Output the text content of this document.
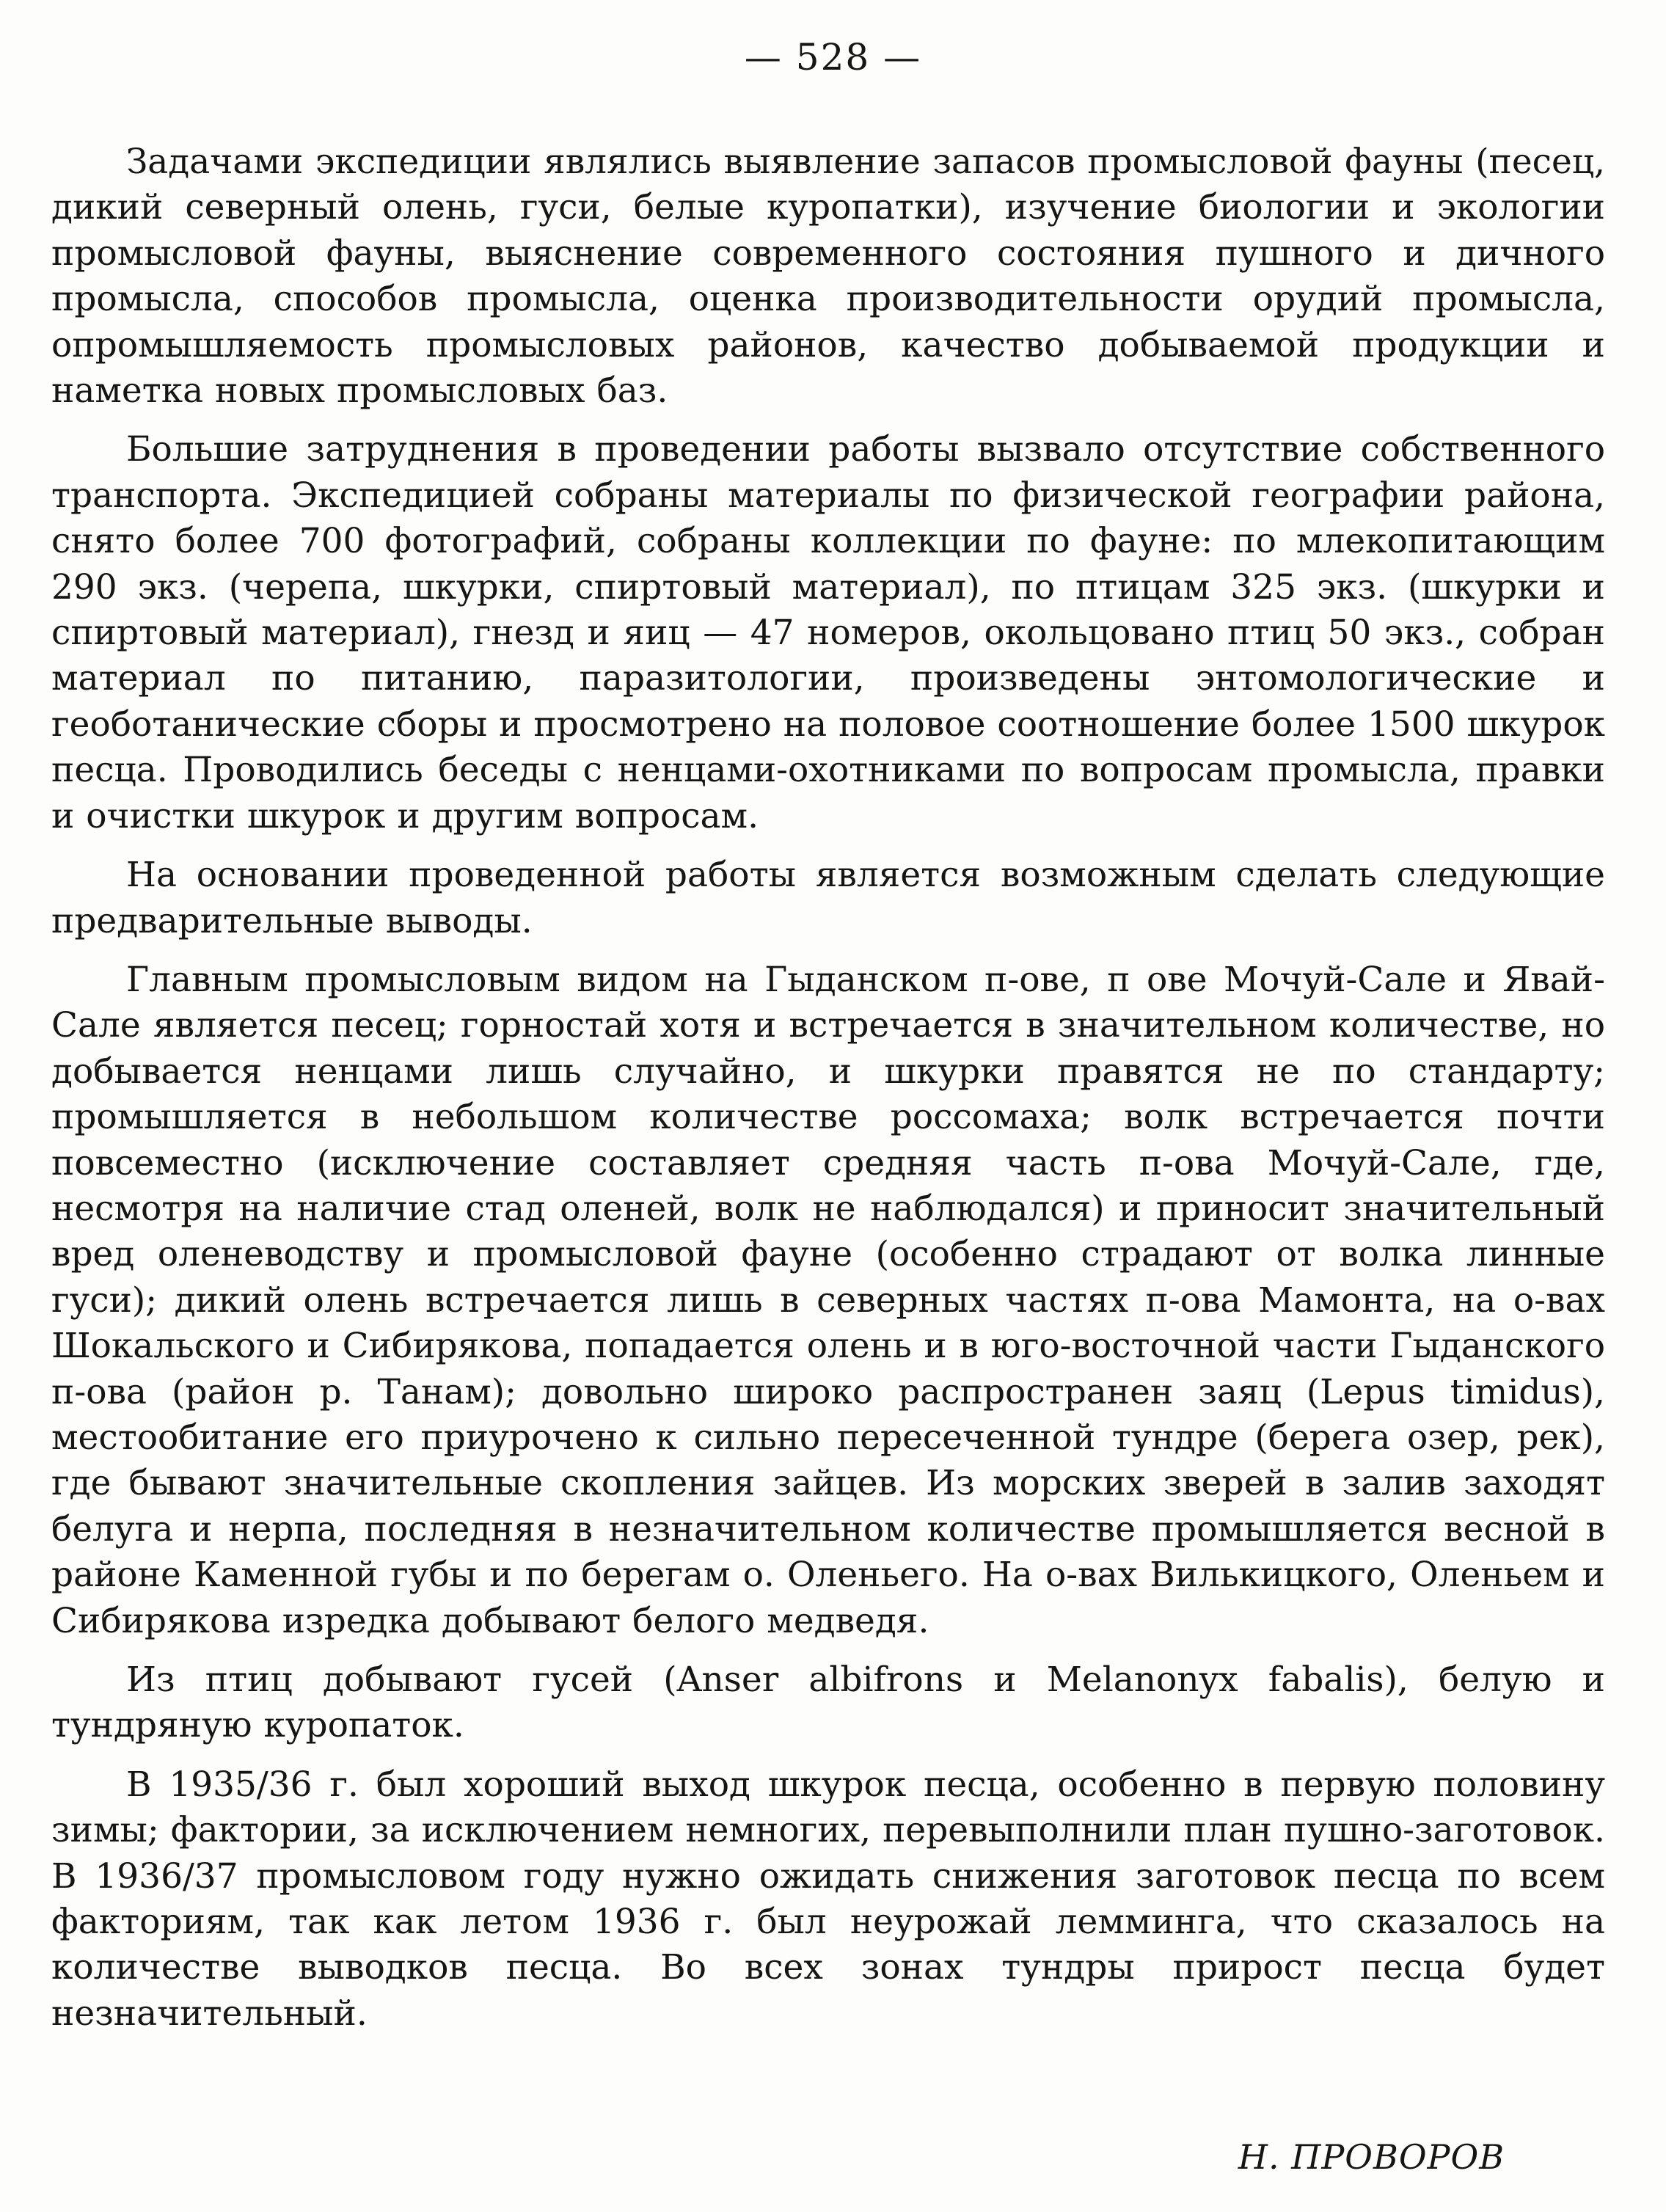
— 528 —

Задачами экспедиции являлись выявление запасов промысловой фауны (песец, дикий северный олень, гуси, белые куропатки), изучение биологии и экологии промысловой фауны, выяснение современного состояния пушного и дичного промысла, способов промысла, оценка производительности орудий промысла, опромышляемость промысловых районов, качество добываемой продукции и наметка новых промысловых баз.

Большие затруднения в проведении работы вызвало отсутствие собственного транспорта. Экспедицией собраны материалы по физической географии района, снято более 700 фотографий, собраны коллекции по фауне: по млекопитающим 290 экз. (черепа, шкурки, спиртовый материал), по птицам 325 экз. (шкурки и спиртовый материал), гнезд и яиц — 47 номеров, окольцовано птиц 50 экз., собран материал по питанию, паразитологии, произведены энтомологические и геоботанические сборы и просмотрено на половое соотношение более 1500 шкурок песца. Проводились беседы с ненцами-охотниками по вопросам промысла, правки и очистки шкурок и другим вопросам.

На основании проведенной работы является возможным сделать следующие предварительные выводы.

Главным промысловым видом на Гыданском п-ове, п ове Мочуй-Сале и Явай-Сале является песец; горностай хотя и встречается в значительном количестве, но добывается ненцами лишь случайно, и шкурки правятся не по стандарту; промышляется в небольшом количестве россомаха; волк встречается почти повсеместно (исключение составляет средняя часть п-ова Мочуй-Сале, где, несмотря на наличие стад оленей, волк не наблюдался) и приносит значительный вред оленеводству и промысловой фауне (особенно страдают от волка линные гуси); дикий олень встречается лишь в северных частях п-ова Мамонта, на о-вах Шокальского и Сибирякова, попадается олень и в юго-восточной части Гыданского п-ова (район р. Танам); довольно широко распространен заяц (Lepus timidus), местообитание его приурочено к сильно пересеченной тундре (берега озер, рек), где бывают значительные скопления зайцев. Из морских зверей в залив заходят белуга и нерпа, последняя в незначительном количестве промышляется весной в районе Каменной губы и по берегам о. Оленьего. На о-вах Вилькицкого, Оленьем и Сибирякова изредка добывают белого медведя.

Из птиц добывают гусей (Anser albifrons и Melanonyx fabalis), белую и тундряную куропаток.

В 1935/36 г. был хороший выход шкурок песца, особенно в первую половину зимы; фактории, за исключением немногих, перевыполнили план пушно-заготовок. В 1936/37 промысловом году нужно ожидать снижения заготовок песца по всем факториям, так как летом 1936 г. был неурожай лемминга, что сказалось на количестве выводков песца. Во всех зонах тундры прирост песца будет незначительный.

Н. ПРОВОРОВ
